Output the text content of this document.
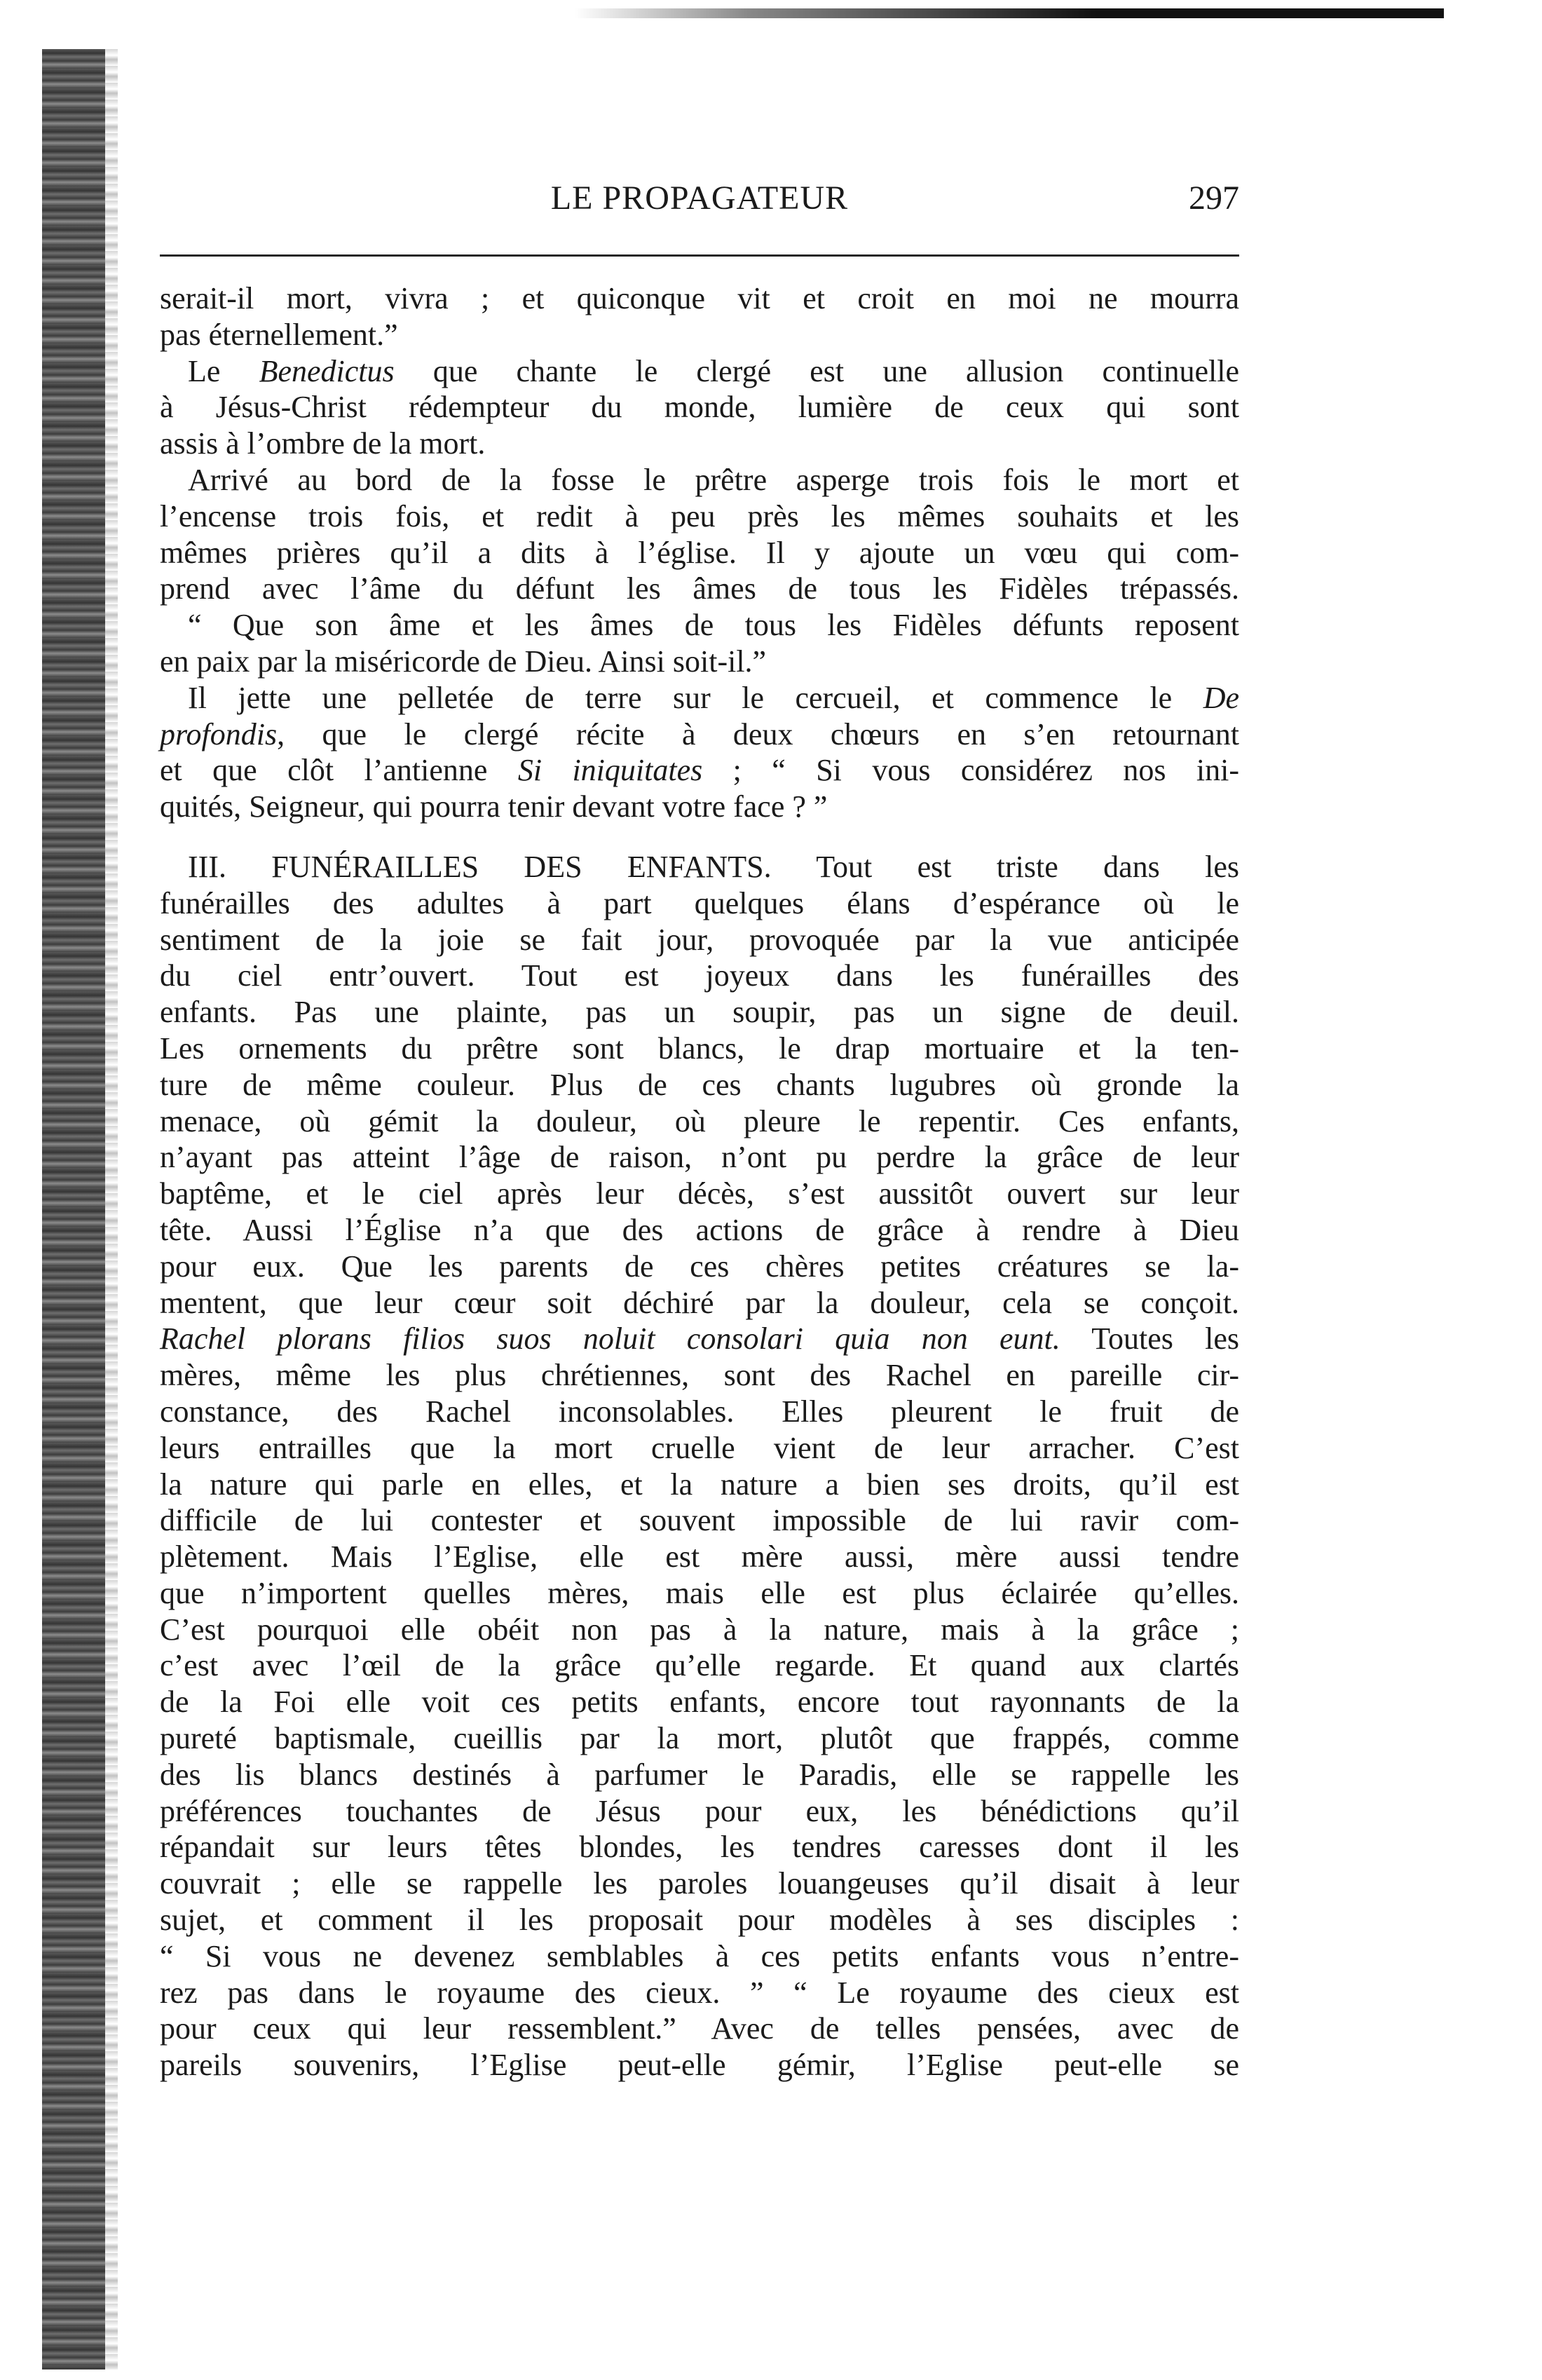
LE PROPAGATEUR	297
serait-il mort, vivra ; et quiconque vit et croit en moi ne mourra
pas éternellement.”
Le Benedictus que chante le clergé est une allusion continuelle
à Jésus-Christ rédempteur du monde, lumière de ceux qui sont
assis à l’ombre de la mort.
Arrivé au bord de la fosse le prêtre asperge trois fois le mort et
l’encense trois fois, et redit à peu près les mêmes souhaits et les
mêmes prières qu’il a dits à l’église. Il y ajoute un vœu qui com-
prend avec l’âme du défunt les âmes de tous les Fidèles trépassés.
“ Que son âme et les âmes de tous les Fidèles défunts reposent
en paix par la miséricorde de Dieu. Ainsi soit-il.”
Il jette une pelletée de terre sur le cercueil, et commence le De
profondis, que le clergé récite à deux chœurs en s’en retournant
et que clôt l’antienne Si iniquitates ; “ Si vous considérez nos ini-
quités, Seigneur, qui pourra tenir devant votre face ? ”
III. FUNÉRAILLES DES ENFANTS. Tout est triste dans les
funérailles des adultes à part quelques élans d’espérance où le
sentiment de la joie se fait jour, provoquée par la vue anticipée
du ciel entr’ouvert. Tout est joyeux dans les funérailles des
enfants. Pas une plainte, pas un soupir, pas un signe de deuil.
Les ornements du prêtre sont blancs, le drap mortuaire et la ten-
ture de même couleur. Plus de ces chants lugubres où gronde la
menace, où gémit la douleur, où pleure le repentir. Ces enfants,
n’ayant pas atteint l’âge de raison, n’ont pu perdre la grâce de leur
baptême, et le ciel après leur décès, s’est aussitôt ouvert sur leur
tête. Aussi l’Église n’a que des actions de grâce à rendre à Dieu
pour eux. Que les parents de ces chères petites créatures se la-
mentent, que leur cœur soit déchiré par la douleur, cela se conçoit.
Rachel plorans filios suos noluit consolari quia non eunt. Toutes les
mères, même les plus chrétiennes, sont des Rachel en pareille cir-
constance, des Rachel inconsolables. Elles pleurent le fruit de
leurs entrailles que la mort cruelle vient de leur arracher. C’est
la nature qui parle en elles, et la nature a bien ses droits, qu’il est
difficile de lui contester et souvent impossible de lui ravir com-
plètement. Mais l’Eglise, elle est mère aussi, mère aussi tendre
que n’importent quelles mères, mais elle est plus éclairée qu’elles.
C’est pourquoi elle obéit non pas à la nature, mais à la grâce ;
c’est avec l’œil de la grâce qu’elle regarde. Et quand aux clartés
de la Foi elle voit ces petits enfants, encore tout rayonnants de la
pureté baptismale, cueillis par la mort, plutôt que frappés, comme
des lis blancs destinés à parfumer le Paradis, elle se rappelle les
préférences touchantes de Jésus pour eux, les bénédictions qu’il
répandait sur leurs têtes blondes, les tendres caresses dont il les
couvrait ; elle se rappelle les paroles louangeuses qu’il disait à leur
sujet, et comment il les proposait pour modèles à ses disciples :
“ Si vous ne devenez semblables à ces petits enfants vous n’entre-
rez pas dans le royaume des cieux. ” “ Le royaume des cieux est
pour ceux qui leur ressemblent.” Avec de telles pensées, avec de
pareils souvenirs, l’Eglise peut-elle gémir, l’Eglise peut-elle se
